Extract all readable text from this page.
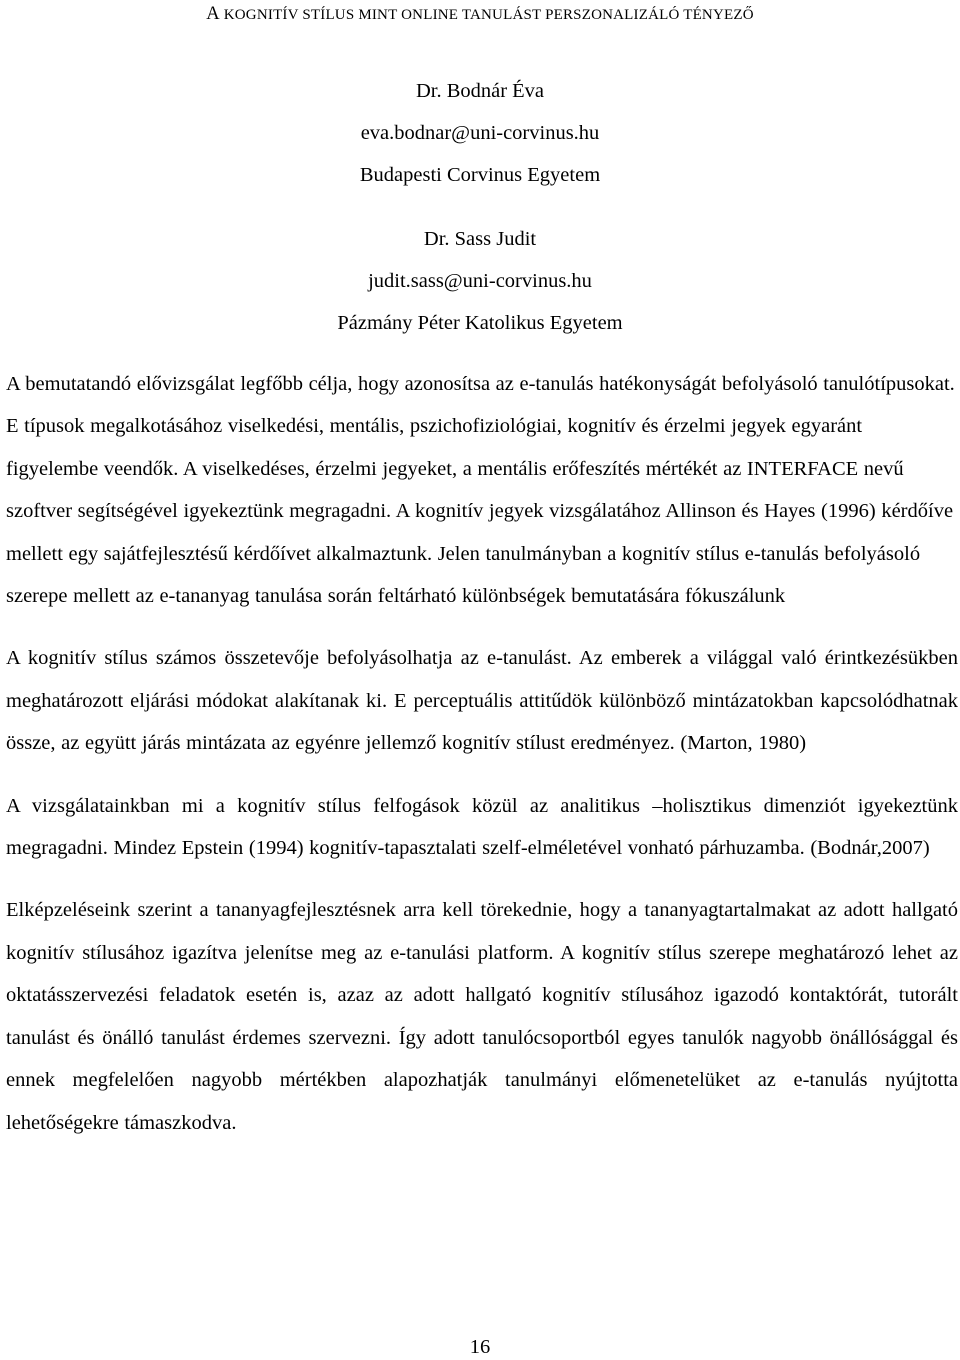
A KOGNITÍV STÍLUS MINT ONLINE TANULÁST PERSZONALIZÁLÓ TÉNYEZŐ
Dr. Bodnár Éva
eva.bodnar@uni-corvinus.hu
Budapesti Corvinus Egyetem
Dr. Sass Judit
judit.sass@uni-corvinus.hu
Pázmány Péter Katolikus Egyetem

A bemutatandó elővizsgálat legfőbb célja, hogy azonosítsa az e-tanulás hatékonyságát befolyásoló tanulótípusokat. E típusok megalkotásához viselkedési, mentális, pszichofiziológiai, kognitív és érzelmi jegyek egyaránt figyelembe veendők. A viselkedéses, érzelmi jegyeket, a mentális erőfeszítés mértékét az INTERFACE nevű szoftver segítségével igyekeztünk megragadni. A kognitív jegyek vizsgálatához Allinson és Hayes (1996) kérdőíve mellett egy sajátfejlesztésű kérdőívet alkalmaztunk. Jelen tanulmányban a kognitív stílus e-tanulás befolyásoló szerepe mellett az e-tananyag tanulása során feltárható különbségek bemutatására fókuszálunk

A kognitív stílus számos összetevője befolyásolhatja az e-tanulást. Az emberek a világgal való érintkezésükben meghatározott eljárási módokat alakítanak ki. E perceptuális attitűdök különböző mintázatokban kapcsolódhatnak össze, az együtt járás mintázata az egyénre jellemző kognitív stílust eredményez. (Marton, 1980)

A vizsgálatainkban mi a kognitív stílus felfogások közül az analitikus –holisztikus dimenziót igyekeztünk megragadni. Mindez Epstein (1994) kognitív-tapasztalati szelf-elméletével vonható párhuzamba. (Bodnár,2007)

Elképzeléseink szerint a tananyagfejlesztésnek arra kell törekednie, hogy a tananyagtartalmakat az adott hallgató kognitív stílusához igazítva jelenítse meg az e-tanulási platform. A kognitív stílus szerepe meghatározó lehet az oktatásszervezési feladatok esetén is, azaz az adott hallgató kognitív stílusához igazodó kontaktórát, tutorált tanulást és önálló tanulást érdemes szervezni. Így adott tanulócsoportból egyes tanulók nagyobb önállósággal és ennek megfelelően nagyobb mértékben alapozhatják tanulmányi előmenetelüket az e-tanulás nyújtotta lehetőségekre támaszkodva.

16
